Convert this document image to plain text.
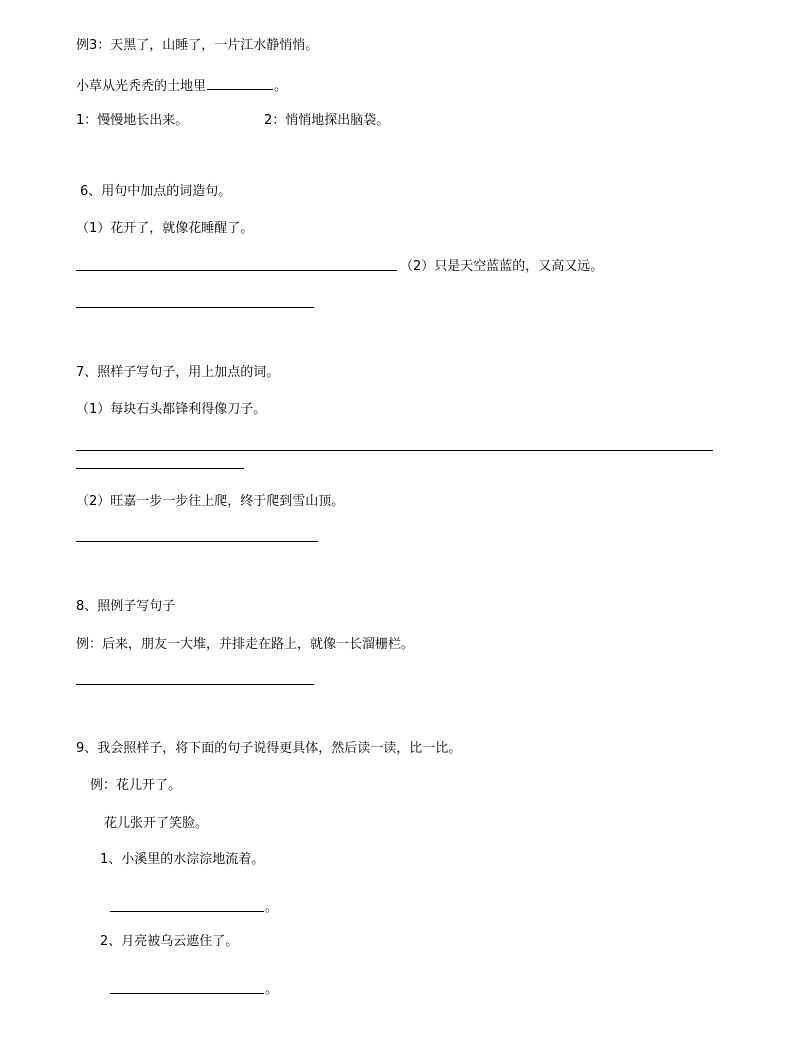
例3：天黑了，山睡了，一片江水静悄悄。
小草从光秃秃的土地里	。
1：慢慢地长出来。	2：悄悄地探出脑袋。
6、用句中加点的词造句。
（1）花开了，就像花睡醒了。
（2）只是天空蓝蓝的，又高又远。
7、照样子写句子，用上加点的词。
（1）每块石头都锋利得像刀子。
（2）旺嘉一步一步往上爬，终于爬到雪山顶。
8、照例子写句子
例：后来，朋友一大堆，并排走在路上，就像一长溜栅栏。
9、我会照样子，将下面的句子说得更具体，然后读一读，比一比。
例：花儿开了。
花儿张开了笑脸。
1、小溪里的水淙淙地流着。
。
2、月亮被乌云遮住了。
。
